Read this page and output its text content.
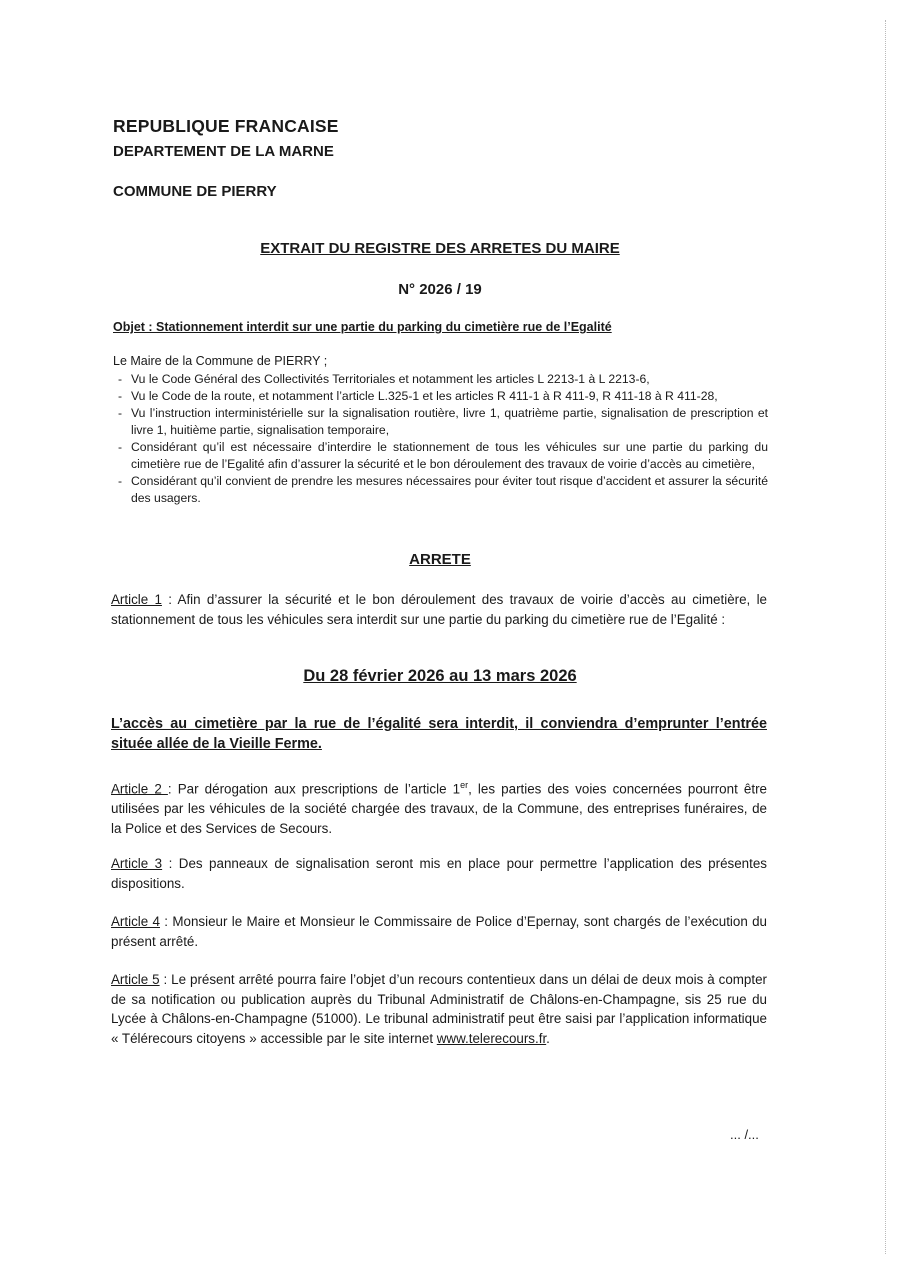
REPUBLIQUE FRANCAISE
DEPARTEMENT DE LA MARNE
COMMUNE DE PIERRY
EXTRAIT DU REGISTRE DES ARRETES DU MAIRE
N° 2026 / 19
Objet : Stationnement interdit sur une partie du parking du cimetière rue de l’Egalité
Le Maire de la Commune de PIERRY ;
- Vu le Code Général des Collectivités Territoriales et notamment les articles L 2213-1 à L 2213-6,
- Vu le Code de la route, et notamment l’article L.325-1 et les articles R 411-1 à R 411-9, R 411-18 à R 411-28,
- Vu l’instruction interministérielle sur la signalisation routière, livre 1, quatrième partie, signalisation de prescription et livre 1, huitième partie, signalisation temporaire,
- Considérant qu’il est nécessaire d’interdire le stationnement de tous les véhicules sur une partie du parking du cimetière rue de l’Egalité afin d’assurer la sécurité et le bon déroulement des travaux de voirie d’accès au cimetière,
- Considérant qu’il convient de prendre les mesures nécessaires pour éviter tout risque d’accident et assurer la sécurité des usagers.
ARRETE
Article 1 : Afin d’assurer la sécurité et le bon déroulement des travaux de voirie d’accès au cimetière, le stationnement de tous les véhicules sera interdit sur une partie du parking du cimetière rue de l’Egalité :
Du 28 février 2026 au 13 mars 2026
L’accès au cimetière par la rue de l’égalité sera interdit, il conviendra d’emprunter l’entrée située allée de la Vieille Ferme.
Article 2 : Par dérogation aux prescriptions de l’article 1er, les parties des voies concernées pourront être utilisées par les véhicules de la société chargée des travaux, de la Commune, des entreprises funéraires, de la Police et des Services de Secours.
Article 3 : Des panneaux de signalisation seront mis en place pour permettre l’application des présentes dispositions.
Article 4 : Monsieur le Maire et Monsieur le Commissaire de Police d’Epernay, sont chargés de l’exécution du présent arrêté.
Article 5 : Le présent arrêté pourra faire l’objet d’un recours contentieux dans un délai de deux mois à compter de sa notification ou publication auprès du Tribunal Administratif de Châlons-en-Champagne, sis 25 rue du Lycée à Châlons-en-Champagne (51000). Le tribunal administratif peut être saisi par l’application informatique « Télérecours citoyens » accessible par le site internet www.telerecours.fr.
... /...
